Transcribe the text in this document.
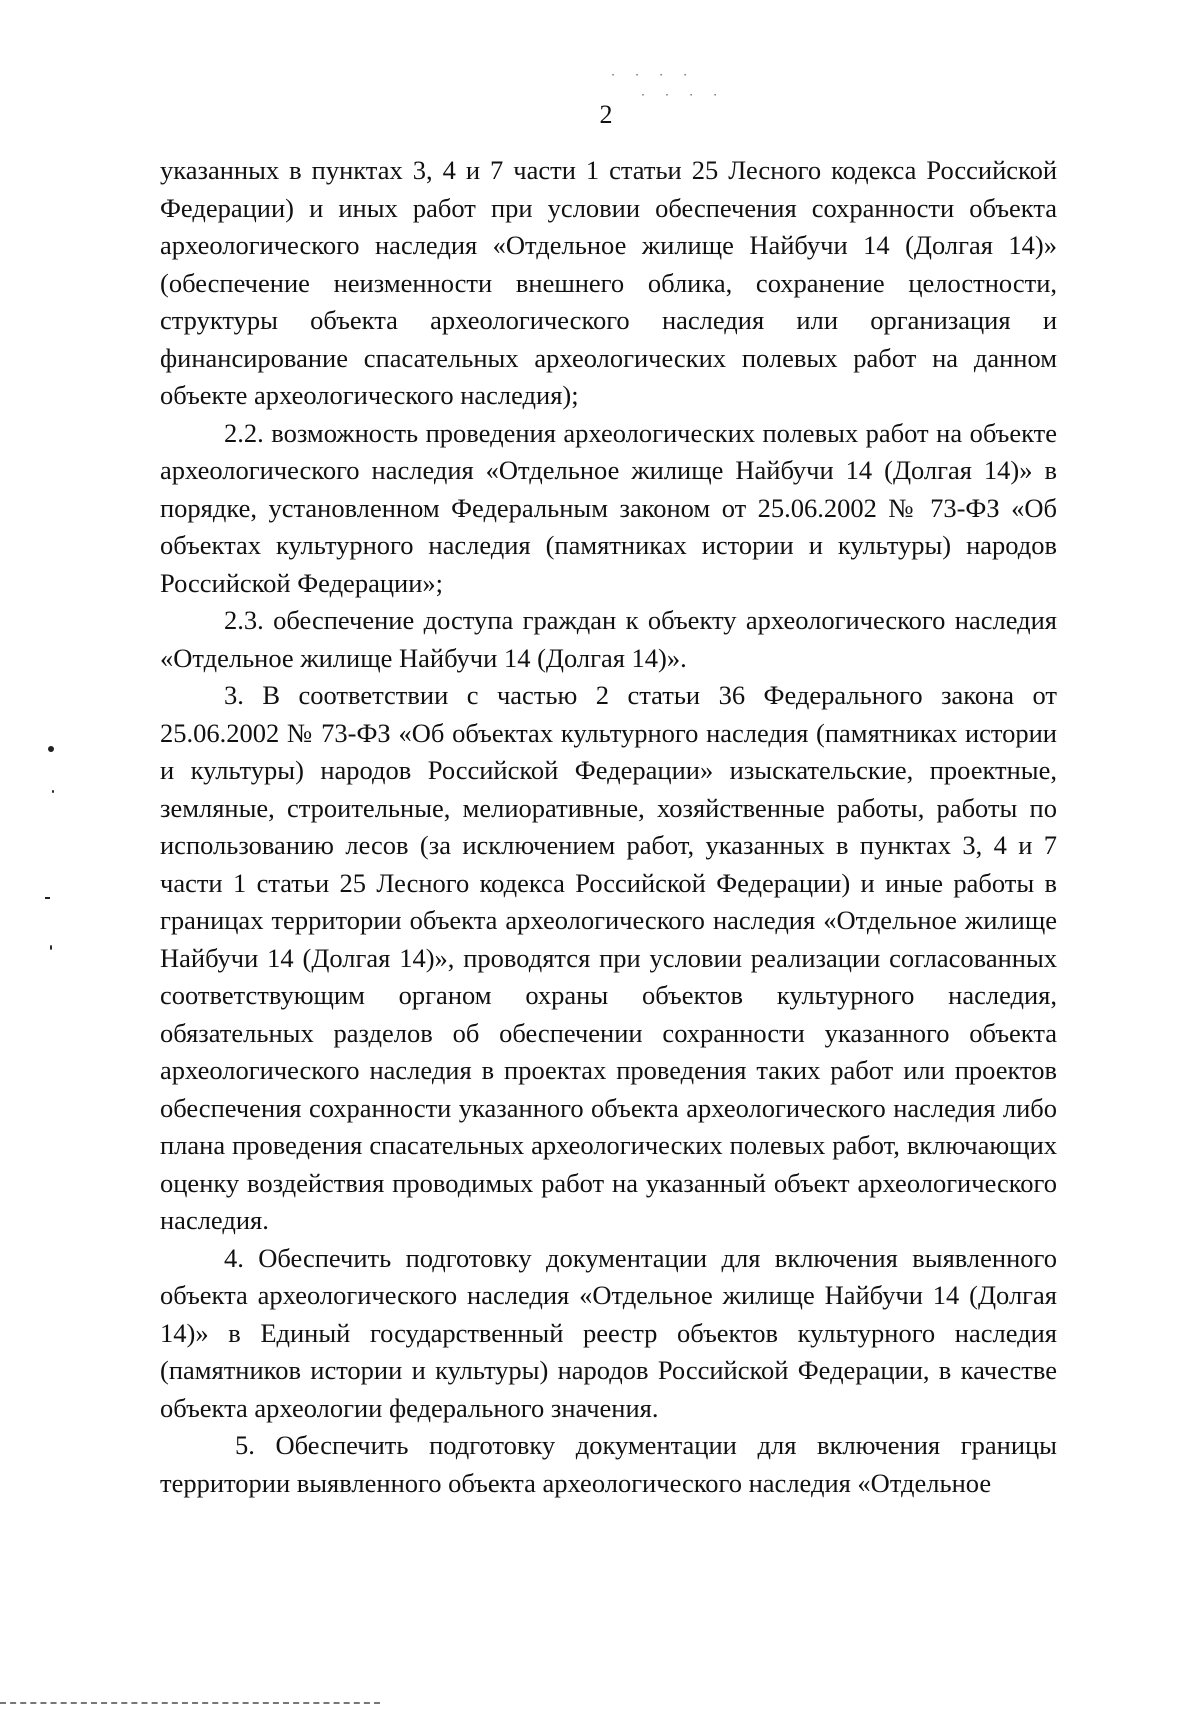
2

указанных в пунктах 3, 4 и 7 части 1 статьи 25 Лесного кодекса Российской Федерации) и иных работ при условии обеспечения сохранности объекта археологического наследия «Отдельное жилище Найбучи 14 (Долгая 14)» (обеспечение неизменности внешнего облика, сохранение целостности, структуры объекта археологического наследия или организация и финансирование спасательных археологических полевых работ на данном объекте археологического наследия);

2.2. возможность проведения археологических полевых работ на объекте археологического наследия «Отдельное жилище Найбучи 14 (Долгая 14)» в порядке, установленном Федеральным законом от 25.06.2002 № 73-ФЗ «Об объектах культурного наследия (памятниках истории и культуры) народов Российской Федерации»;

2.3. обеспечение доступа граждан к объекту археологического наследия «Отдельное жилище Найбучи 14 (Долгая 14)».

3. В соответствии с частью 2 статьи 36 Федерального закона от 25.06.2002 № 73-ФЗ «Об объектах культурного наследия (памятниках истории и культуры) народов Российской Федерации» изыскательские, проектные, земляные, строительные, мелиоративные, хозяйственные работы, работы по использованию лесов (за исключением работ, указанных в пунктах 3, 4 и 7 части 1 статьи 25 Лесного кодекса Российской Федерации) и иные работы в границах территории объекта археологического наследия «Отдельное жилище Найбучи 14 (Долгая 14)», проводятся при условии реализации согласованных соответствующим органом охраны объектов культурного наследия, обязательных разделов об обеспечении сохранности указанного объекта археологического наследия в проектах проведения таких работ или проектов обеспечения сохранности указанного объекта археологического наследия либо плана проведения спасательных археологических полевых работ, включающих оценку воздействия проводимых работ на указанный объект археологического наследия.

4. Обеспечить подготовку документации для включения выявленного объекта археологического наследия «Отдельное жилище Найбучи 14 (Долгая 14)» в Единый государственный реестр объектов культурного наследия (памятников истории и культуры) народов Российской Федерации, в качестве объекта археологии федерального значения.

5. Обеспечить подготовку документации для включения границы территории выявленного объекта археологического наследия «Отдельное

· · · ·
· · · ·
